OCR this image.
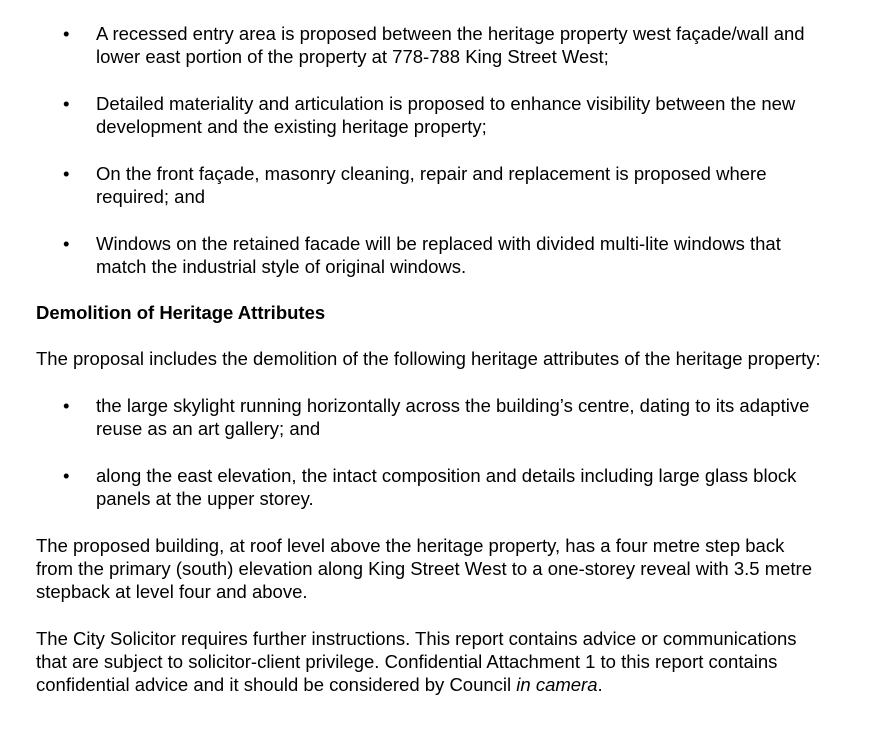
• A recessed entry area is proposed between the heritage property west façade/wall and lower east portion of the property at 778-788 King Street West;
• Detailed materiality and articulation is proposed to enhance visibility between the new development and the existing heritage property;
• On the front façade, masonry cleaning, repair and replacement is proposed where required; and
• Windows on the retained facade will be replaced with divided multi-lite windows that match the industrial style of original windows.
Demolition of Heritage Attributes

The proposal includes the demolition of the following heritage attributes of the heritage property:

• the large skylight running horizontally across the building’s centre, dating to its adaptive reuse as an art gallery; and
• along the east elevation, the intact composition and details including large glass block panels at the upper storey.

The proposed building, at roof level above the heritage property, has a four metre step back from the primary (south) elevation along King Street West to a one-storey reveal with 3.5 metre stepback at level four and above.

The City Solicitor requires further instructions. This report contains advice or communications that are subject to solicitor-client privilege. Confidential Attachment 1 to this report contains confidential advice and it should be considered by Council in camera.
